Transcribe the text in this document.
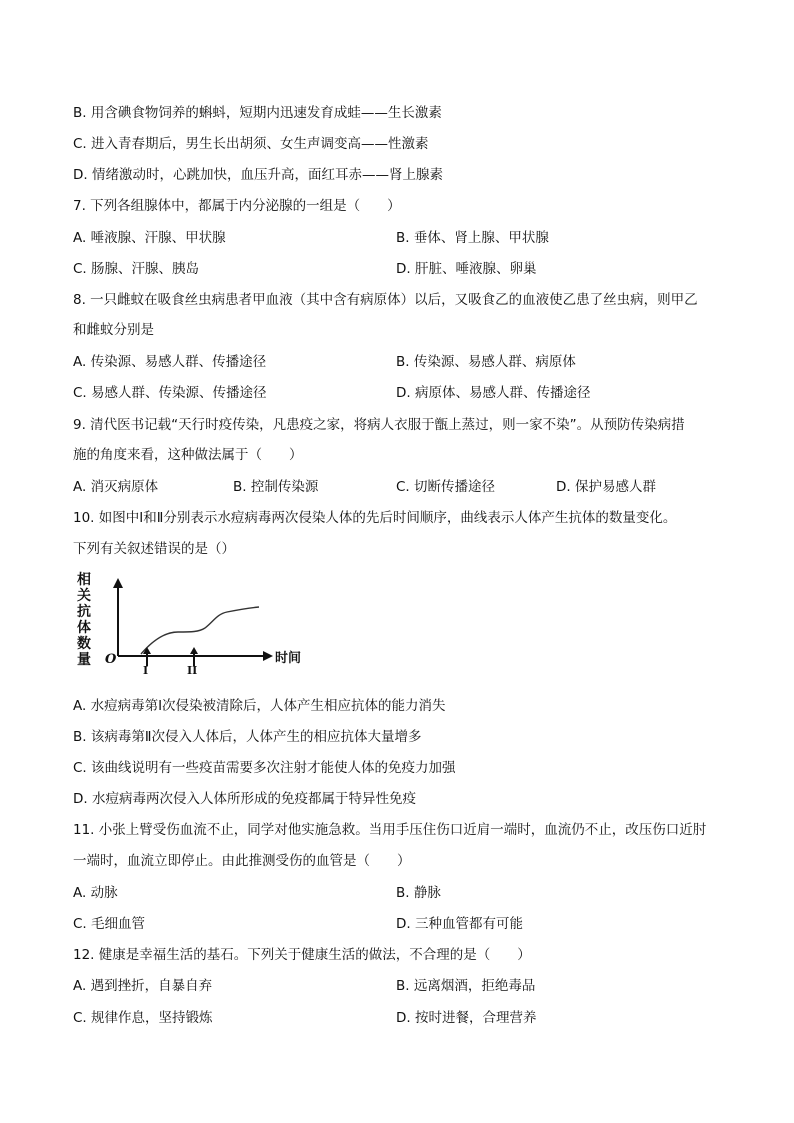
B. 用含碘食物饲养的蝌蚪，短期内迅速发育成蛙——生长激素
C. 进入青春期后，男生长出胡须、女生声调变高——性激素
D. 情绪激动时，心跳加快，血压升高，面红耳赤——肾上腺素
7. 下列各组腺体中，都属于内分泌腺的一组是（　　）
A. 唾液腺、汗腺、甲状腺	B. 垂体、肾上腺、甲状腺
C. 肠腺、汗腺、胰岛	D. 肝脏、唾液腺、卵巢
8. 一只雌蚊在吸食丝虫病患者甲血液（其中含有病原体）以后，又吸食乙的血液使乙患了丝虫病，则甲乙
和雌蚊分别是
A. 传染源、易感人群、传播途径	B. 传染源、易感人群、病原体
C. 易感人群、传染源、传播途径	D. 病原体、易感人群、传播途径
9. 清代医书记载“天行时疫传染，凡患疫之家，将病人衣服于甑上蒸过，则一家不染”。从预防传染病措
施的角度来看，这种做法属于（　　）
A. 消灭病原体	B. 控制传染源	C. 切断传播途径	D. 保护易感人群
10. 如图中Ⅰ和Ⅱ分别表示水痘病毒两次侵染人体的先后时间顺序，曲线表示人体产生抗体的数量变化。
下列有关叙述错误的是（）
相
关
抗
体
数
量 O	时间
I	II
A. 水痘病毒第Ⅰ次侵染被清除后，人体产生相应抗体的能力消失
B. 该病毒第Ⅱ次侵入人体后，人体产生的相应抗体大量增多
C. 该曲线说明有一些疫苗需要多次注射才能使人体的免疫力加强
D. 水痘病毒两次侵入人体所形成的免疫都属于特异性免疫
11. 小张上臂受伤血流不止，同学对他实施急救。当用手压住伤口近肩一端时，血流仍不止，改压伤口近肘
一端时，血流立即停止。由此推测受伤的血管是（　　）
A. 动脉	B. 静脉
C. 毛细血管	D. 三种血管都有可能
12. 健康是幸福生活的基石。下列关于健康生活的做法，不合理的是（　　）
A. 遇到挫折，自暴自弃	B. 远离烟酒，拒绝毒品
C. 规律作息，坚持锻炼	D. 按时进餐，合理营养
